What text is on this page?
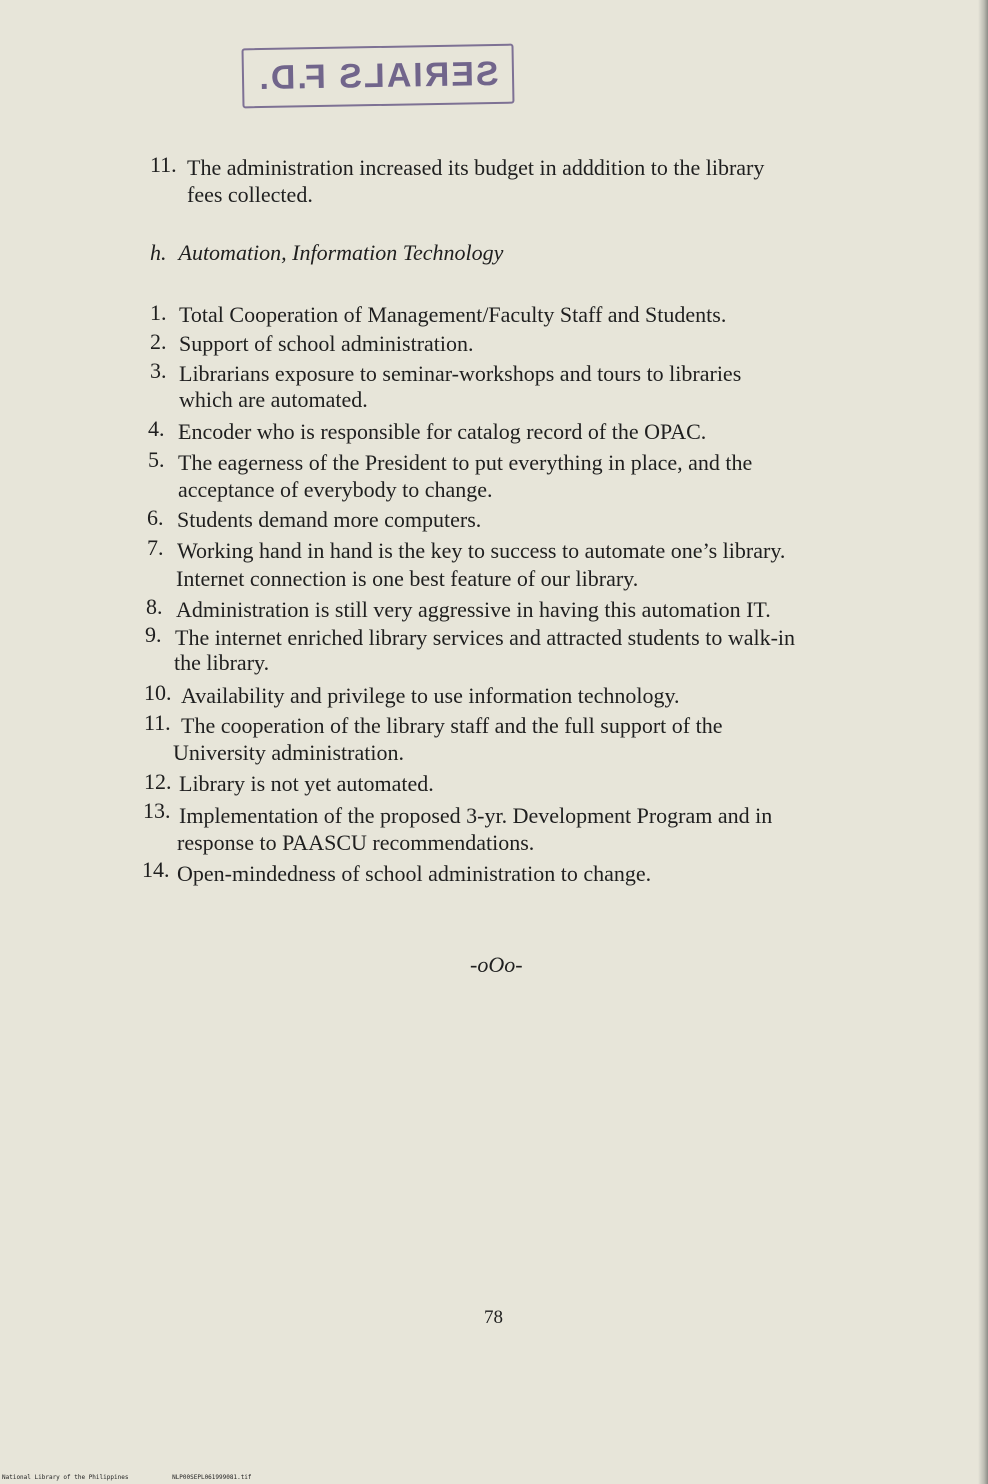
SERIALS F.D.
11. The administration increased its budget in adddition to the library
fees collected.
h. Automation, Information Technology
1. Total Cooperation of Management/Faculty Staff and Students.
2. Support of school administration.
3. Librarians exposure to seminar-workshops and tours to libraries
which are automated.
4. Encoder who is responsible for catalog record of the OPAC.
5. The eagerness of the President to put everything in place, and the
acceptance of everybody to change.
6. Students demand more computers.
7. Working hand in hand is the key to success to automate one’s library.
Internet connection is one best feature of our library.
8. Administration is still very aggressive in having this automation IT.
9. The internet enriched library services and attracted students to walk-in
the library.
10. Availability and privilege to use information technology.
11. The cooperation of the library staff and the full support of the
University administration.
12. Library is not yet automated.
13. Implementation of the proposed 3-yr. Development Program and in
response to PAASCU recommendations.
14. Open-mindedness of school administration to change.
-oOo-
78
National Library of the Philippines	NLP00SEPL061999081.tif
